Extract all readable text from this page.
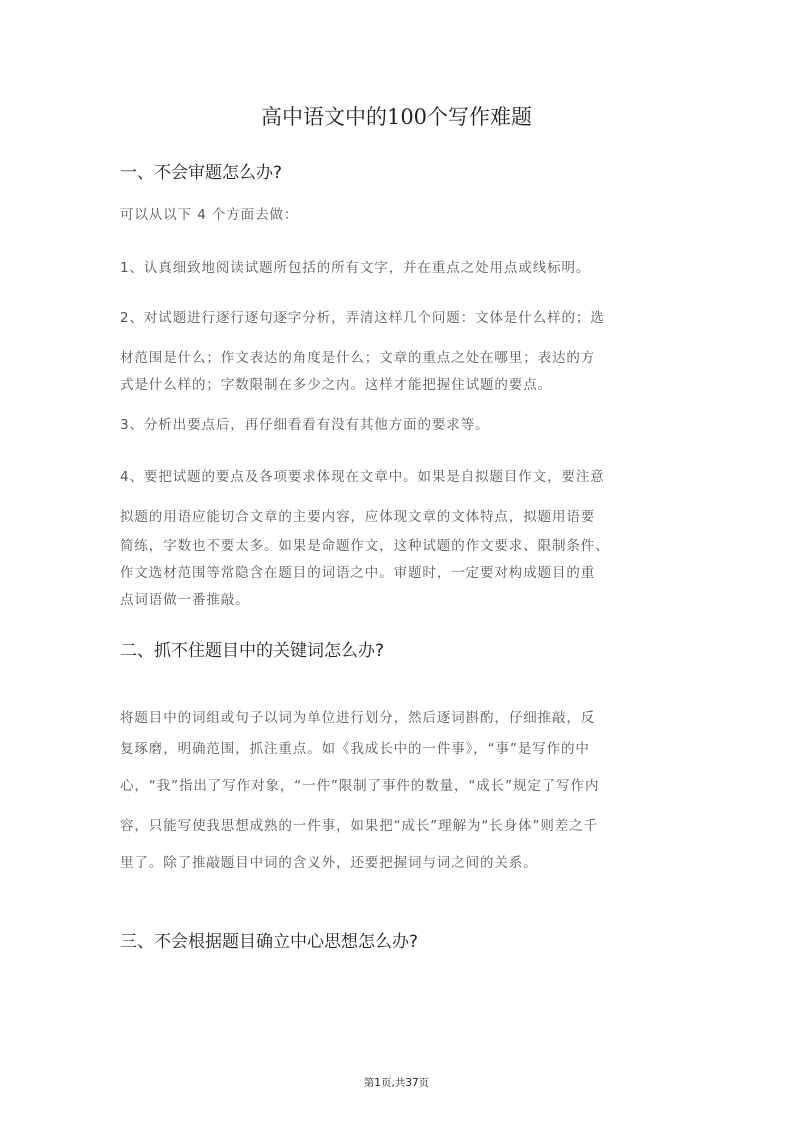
高中语文中的100个写作难题
一、不会审题怎么办?
可以从以下 4 个方面去做：
1、认真细致地阅读试题所包括的所有文字，并在重点之处用点或线标明。
2、对试题进行逐行逐句逐字分析，弄清这样几个问题：文体是什么样的；选
材范围是什么；作文表达的角度是什么；文章的重点之处在哪里；表达的方
式是什么样的；字数限制在多少之内。这样才能把握住试题的要点。
3、分析出要点后，再仔细看看有没有其他方面的要求等。
4、要把试题的要点及各项要求体现在文章中。如果是自拟题目作文，要注意
拟题的用语应能切合文章的主要内容，应体现文章的文体特点，拟题用语要
简练，字数也不要太多。如果是命题作文，这种试题的作文要求、限制条件、
作文选材范围等常隐含在题目的词语之中。审题时，一定要对构成题目的重
点词语做一番推敲。
二、抓不住题目中的关键词怎么办?
将题目中的词组或句子以词为单位进行划分，然后逐词斟酌，仔细推敲，反
复琢磨，明确范围，抓注重点。如《我成长中的一件事》，“事”是写作的中
心，“我”指出了写作对象，“一件”限制了事件的数量，“成长”规定了写作内
容，只能写使我思想成熟的一件事，如果把“成长”理解为“长身体”则差之千
里了。除了推敲题目中词的含义外，还要把握词与词之间的关系。
三、不会根据题目确立中心思想怎么办?
第1页,共37页
